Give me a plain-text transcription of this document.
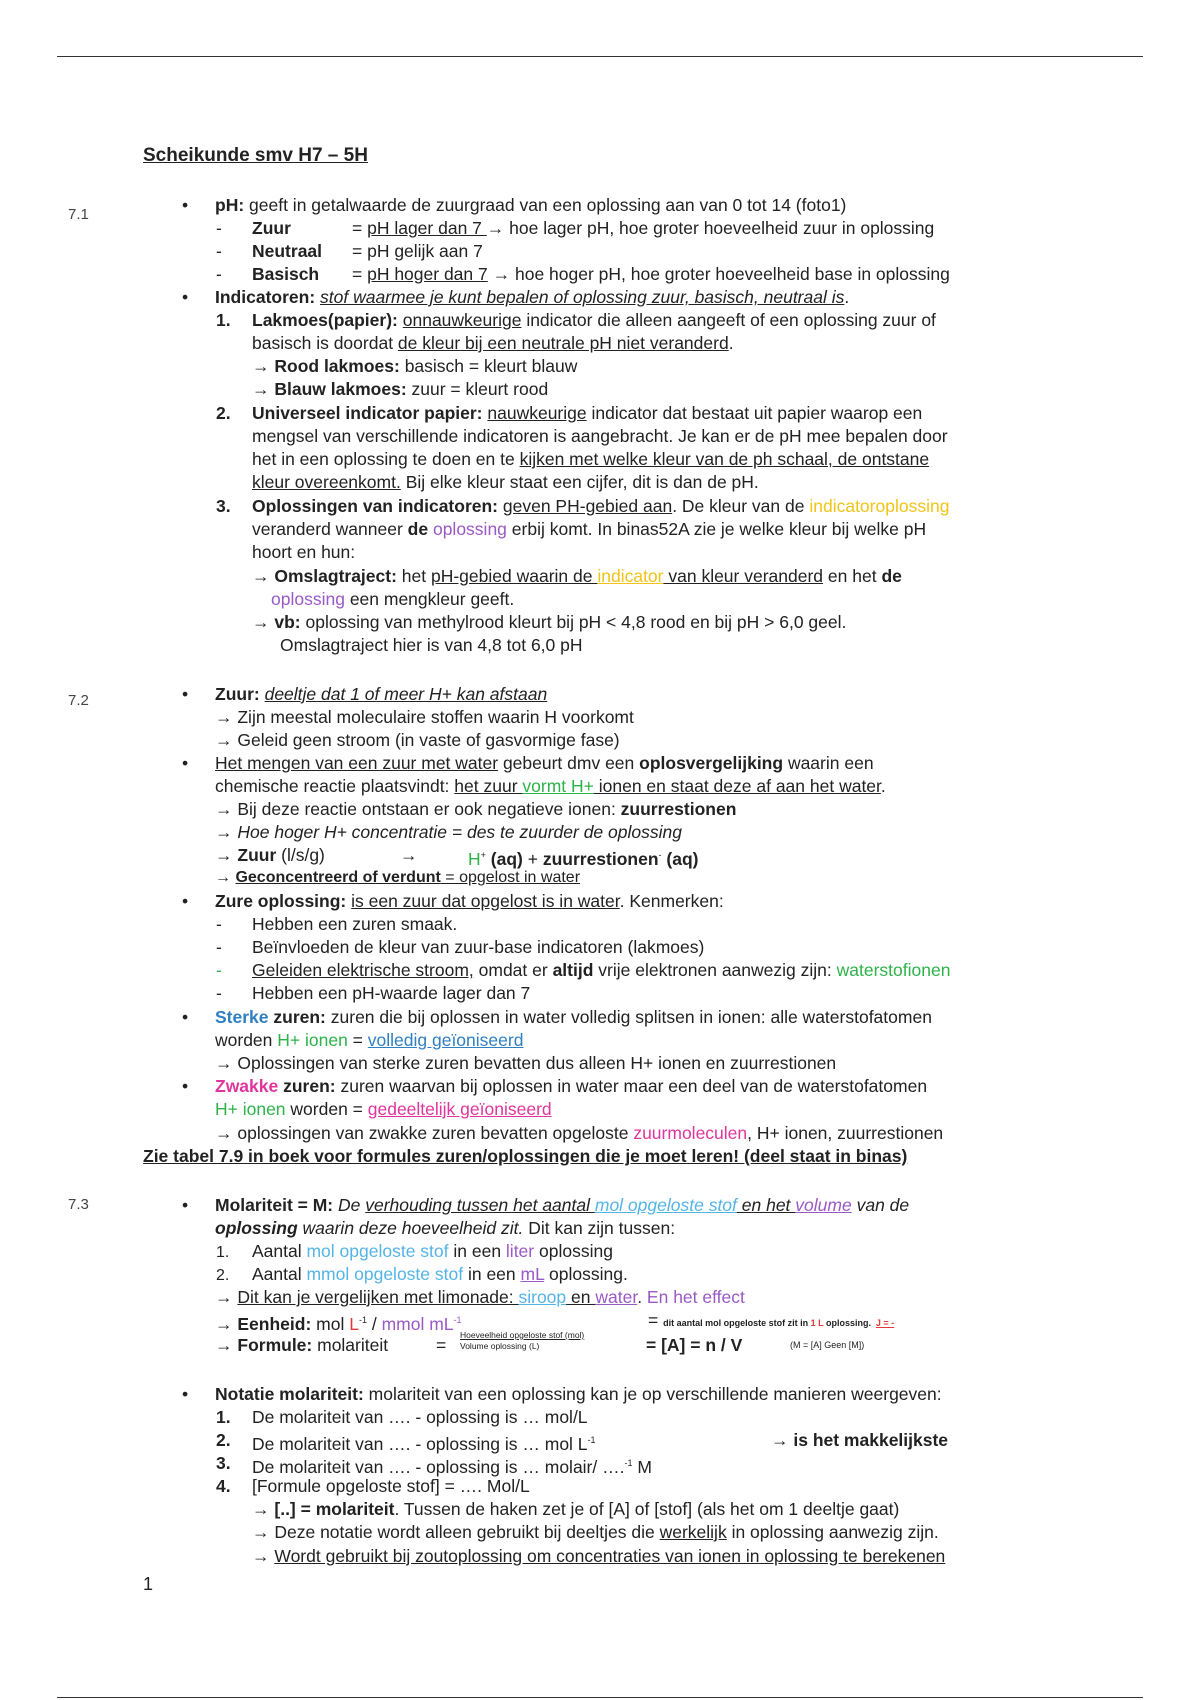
Scheikunde smv H7 – 5H
7.1
7.2
7.3
• pH: geeft in getalwaarde de zuurgraad van een oplossing aan van 0 tot 14 (foto1)
- Zuur	= pH lager dan 7 → hoe lager pH, hoe groter hoeveelheid zuur in oplossing
- Neutraal = pH gelijk aan 7
- Basisch = pH hoger dan 7 → hoe hoger pH, hoe groter hoeveelheid base in oplossing
• Indicatoren: stof waarmee je kunt bepalen of oplossing zuur, basisch, neutraal is.
1. Lakmoes(papier): onnauwkeurige indicator die alleen aangeeft of een oplossing zuur of
basisch is doordat de kleur bij een neutrale pH niet veranderd.
→ Rood lakmoes: basisch = kleurt blauw
→ Blauw lakmoes: zuur = kleurt rood
2. Universeel indicator papier: nauwkeurige indicator dat bestaat uit papier waarop een
mengsel van verschillende indicatoren is aangebracht. Je kan er de pH mee bepalen door
het in een oplossing te doen en te kijken met welke kleur van de ph schaal, de ontstane
kleur overeenkomt. Bij elke kleur staat een cijfer, dit is dan de pH.
3. Oplossingen van indicatoren: geven PH-gebied aan. De kleur van de indicatoroplossing
veranderd wanneer de oplossing erbij komt. In binas52A zie je welke kleur bij welke pH
hoort en hun:
→ Omslagtraject: het pH-gebied waarin de indicator van kleur veranderd en het de
oplossing een mengkleur geeft.
→ vb: oplossing van methylrood kleurt bij pH < 4,8 rood en bij pH > 6,0 geel.
Omslagtraject hier is van 4,8 tot 6,0 pH
• Zuur: deeltje dat 1 of meer H+ kan afstaan
→ Zijn meestal moleculaire stoffen waarin H voorkomt
→ Geleid geen stroom (in vaste of gasvormige fase)
• Het mengen van een zuur met water gebeurt dmv een oplosvergelijking waarin een
chemische reactie plaatsvindt: het zuur vormt H+ ionen en staat deze af aan het water.
→ Bij deze reactie ontstaan er ook negatieve ionen: zuurrestionen
→ Hoe hoger H+ concentratie = des te zuurder de oplossing
→ Zuur (l/s/g)	→	H+ (aq) + zuurrestionen- (aq)
→ Geconcentreerd of verdunt = opgelost in water
• Zure oplossing: is een zuur dat opgelost is in water. Kenmerken:
- Hebben een zuren smaak.
- Beïnvloeden de kleur van zuur-base indicatoren (lakmoes)
- Geleiden elektrische stroom, omdat er altijd vrije elektronen aanwezig zijn: waterstofionen
- Hebben een pH-waarde lager dan 7
• Sterke zuren: zuren die bij oplossen in water volledig splitsen in ionen: alle waterstofatomen
worden H+ ionen = volledig geïoniseerd
→ Oplossingen van sterke zuren bevatten dus alleen H+ ionen en zuurrestionen
• Zwakke zuren: zuren waarvan bij oplossen in water maar een deel van de waterstofatomen
H+ ionen worden = gedeeltelijk geïoniseerd
→ oplossingen van zwakke zuren bevatten opgeloste zuurmoleculen, H+ ionen, zuurrestionen
Zie tabel 7.9 in boek voor formules zuren/oplossingen die je moet leren! (deel staat in binas)
• Molariteit = M: De verhouding tussen het aantal mol opgeloste stof en het volume van de
oplossing waarin deze hoeveelheid zit. Dit kan zijn tussen:
1. Aantal mol opgeloste stof in een liter oplossing
2. Aantal mmol opgeloste stof in een mL oplossing.
→ Dit kan je vergelijken met limonade: siroop en water. En het effect
→ Eenheid: mol $L^{-1}$ / mmol $mL^{-1}$	= dit aantal mol opgeloste stof zit in 1 L oplossing. J = -
→ Formule: molariteit	= Hoeveelheid opgeloste stof (mol)
Volume oplossing (L)	= [A] = n / V	(M = [A] Geen [M])
• Notatie molariteit: molariteit van een oplossing kan je op verschillende manieren weergeven:
1. De molariteit van …. - oplossing is … mol/L
2. De molariteit van …. - oplossing is … mol $L^{-1}$	→ is het makkelijkste
3. De molariteit van …. - oplossing is … molair/ ….$^{-1}$ M
4. [Formule opgeloste stof] = …. Mol/L
→ [..] = molariteit. Tussen de haken zet je of [A] of [stof] (als het om 1 deeltje gaat)
→ Deze notatie wordt alleen gebruikt bij deeltjes die werkelijk in oplossing aanwezig zijn.
→ Wordt gebruikt bij zoutoplossing om concentraties van ionen in oplossing te berekenen
1
